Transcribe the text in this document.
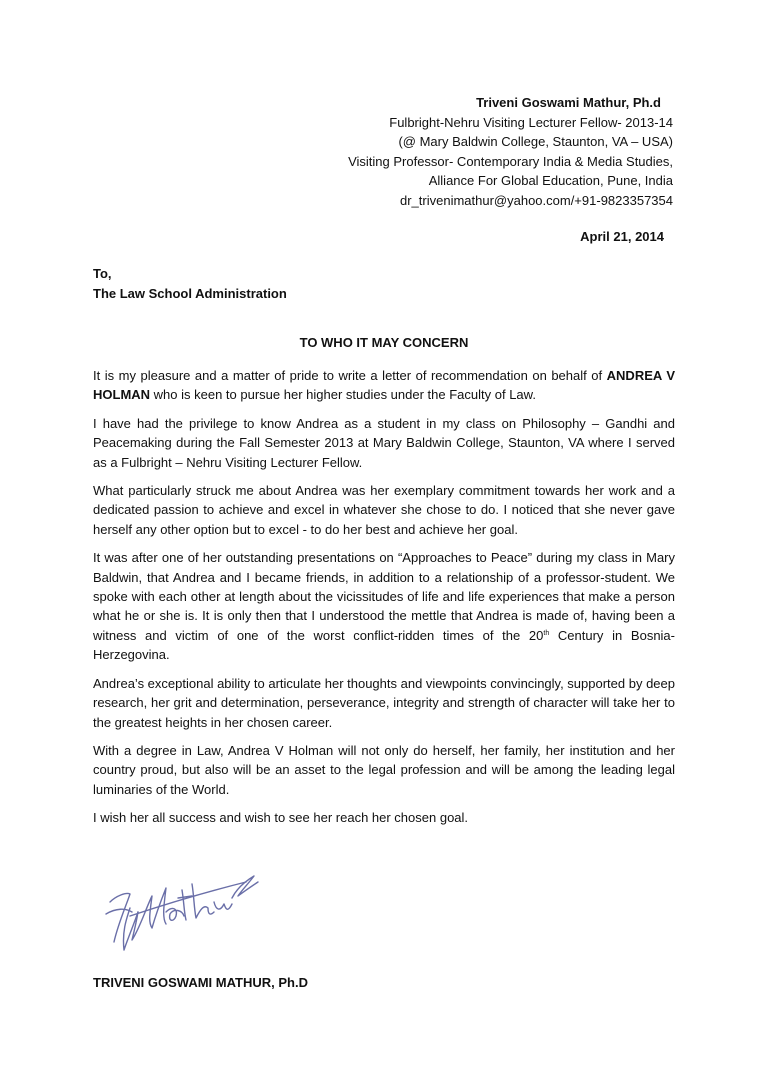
Triveni Goswami Mathur, Ph.d
Fulbright-Nehru Visiting Lecturer Fellow- 2013-14
(@ Mary Baldwin College, Staunton, VA – USA)
Visiting Professor- Contemporary India & Media Studies,
Alliance For Global Education, Pune, India
dr_trivenimathur@yahoo.com/+91-9823357354
April 21, 2014
To,
The Law School Administration
TO WHO IT MAY CONCERN

It is my pleasure and a matter of pride to write a letter of recommendation on behalf of ANDREA V HOLMAN who is keen to pursue her higher studies under the Faculty of Law.

I have had the privilege to know Andrea as a student in my class on Philosophy – Gandhi and Peacemaking during the Fall Semester 2013 at Mary Baldwin College, Staunton, VA where I served as a Fulbright – Nehru Visiting Lecturer Fellow.

What particularly struck me about Andrea was her exemplary commitment towards her work and a dedicated passion to achieve and excel in whatever she chose to do. I noticed that she never gave herself any other option but to excel - to do her best and achieve her goal.

It was after one of her outstanding presentations on “Approaches to Peace” during my class in Mary Baldwin, that Andrea and I became friends, in addition to a relationship of a professor-student. We spoke with each other at length about the vicissitudes of life and life experiences that make a person what he or she is. It is only then that I understood the mettle that Andrea is made of, having been a witness and victim of one of the worst conflict-ridden times of the 20th Century in Bosnia-Herzegovina.

Andrea’s exceptional ability to articulate her thoughts and viewpoints convincingly, supported by deep research, her grit and determination, perseverance, integrity and strength of character will take her to the greatest heights in her chosen career.

With a degree in Law, Andrea V Holman will not only do herself, her family, her institution and her country proud, but also will be an asset to the legal profession and will be among the leading legal luminaries of the World.

I wish her all success and wish to see her reach her chosen goal.

TRIVENI GOSWAMI MATHUR, Ph.D
